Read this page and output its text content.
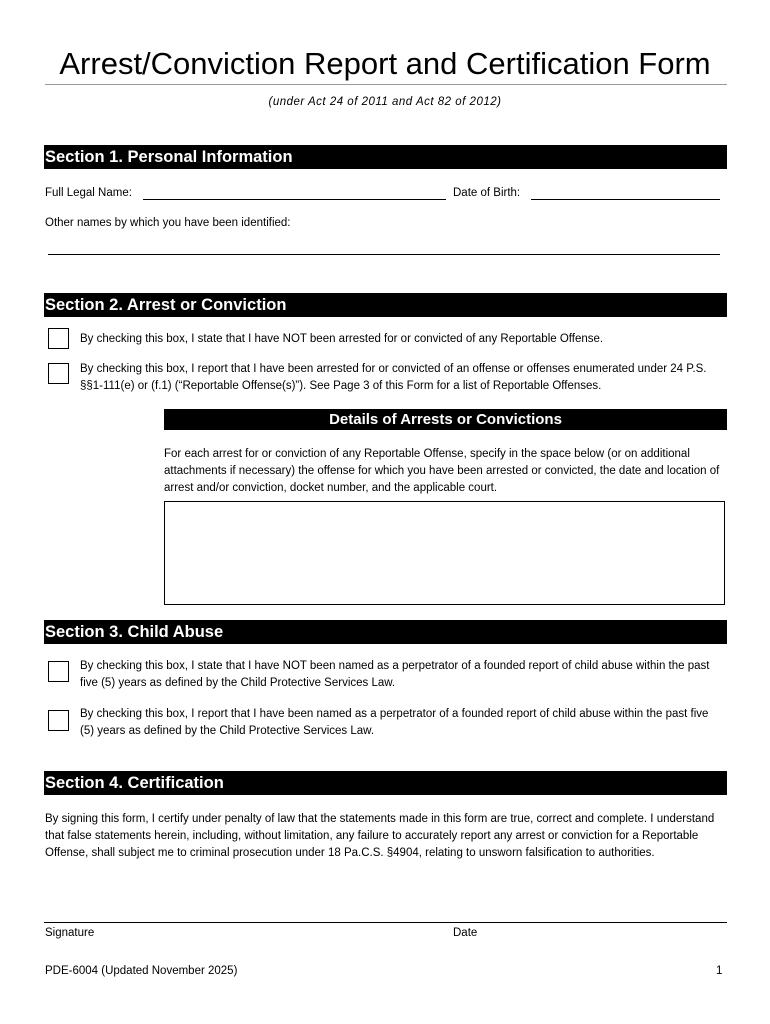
Arrest/Conviction Report and Certification Form
(under Act 24 of 2011 and Act 82 of 2012)
Section 1. Personal Information
Full Legal Name:	Date of Birth:
Other names by which you have been identified:
Section 2. Arrest or Conviction
By checking this box, I state that I have NOT been arrested for or convicted of any Reportable Offense.
By checking this box, I report that I have been arrested for or convicted of an offense or offenses enumerated under 24 P.S. §§1-111(e) or (f.1) (“Reportable Offense(s)”). See Page 3 of this Form for a list of Reportable Offenses.
Details of Arrests or Convictions
For each arrest for or conviction of any Reportable Offense, specify in the space below (or on additional attachments if necessary) the offense for which you have been arrested or convicted, the date and location of arrest and/or conviction, docket number, and the applicable court.
Section 3. Child Abuse
By checking this box, I state that I have NOT been named as a perpetrator of a founded report of child abuse within the past five (5) years as defined by the Child Protective Services Law.
By checking this box, I report that I have been named as a perpetrator of a founded report of child abuse within the past five (5) years as defined by the Child Protective Services Law.
Section 4. Certification
By signing this form, I certify under penalty of law that the statements made in this form are true, correct and complete. I understand that false statements herein, including, without limitation, any failure to accurately report any arrest or conviction for a Reportable Offense, shall subject me to criminal prosecution under 18 Pa.C.S. §4904, relating to unsworn falsification to authorities.
Signature	Date
PDE-6004 (Updated November 2025)	1
